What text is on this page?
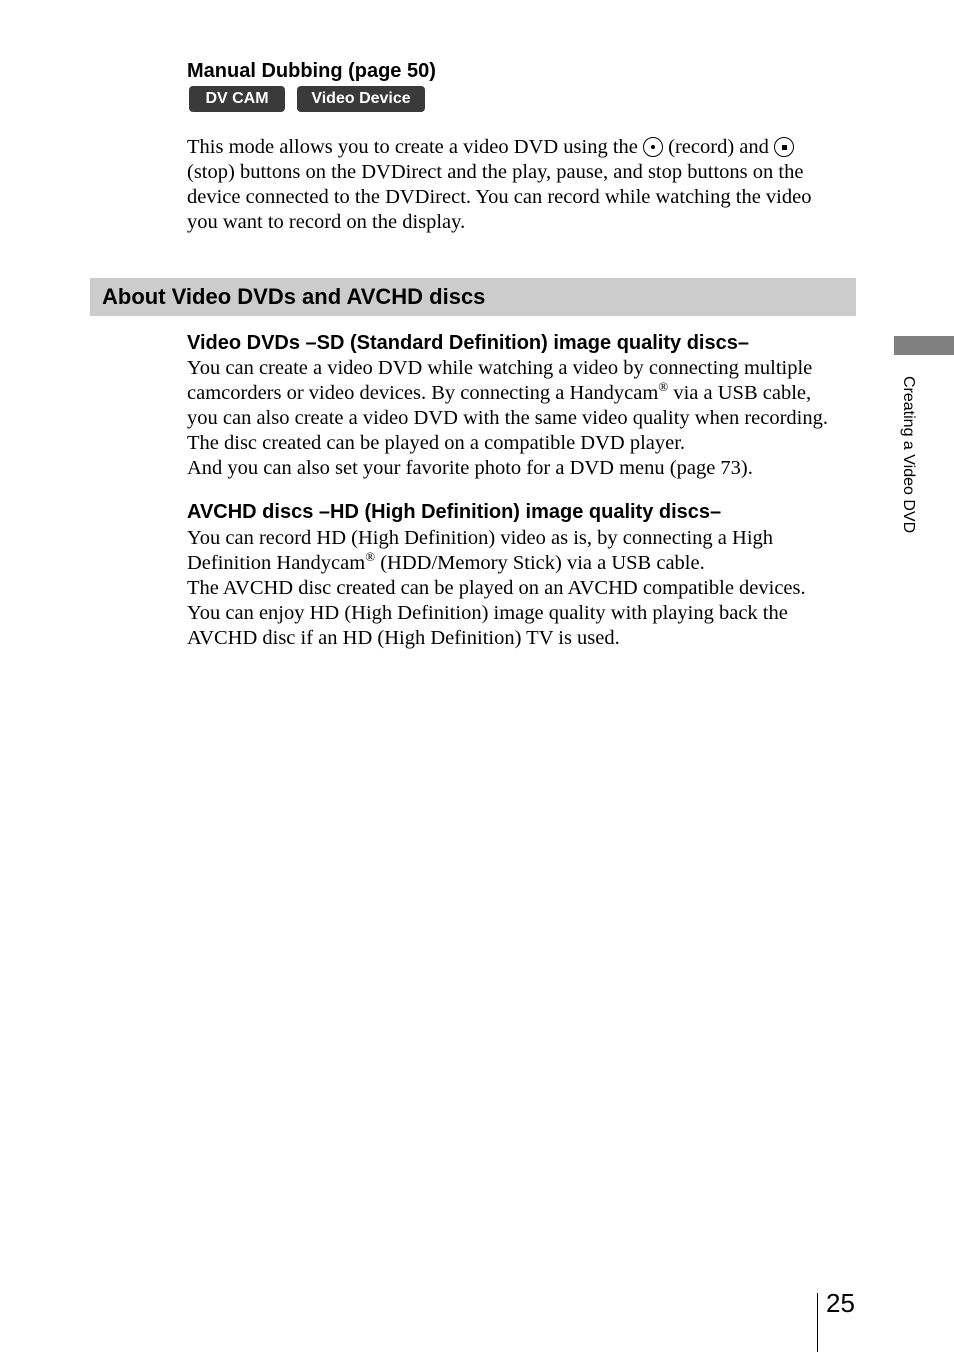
Manual Dubbing (page 50)
DV CAM	Video Device
This mode allows you to create a video DVD using the (record) and
(stop) buttons on the DVDirect and the play, pause, and stop buttons on the
device connected to the DVDirect. You can record while watching the video
you want to record on the display.
About Video DVDs and AVCHD discs
Video DVDs –SD (Standard Definition) image quality discs–
You can create a video DVD while watching a video by connecting multiple
camcorders or video devices. By connecting a Handycam® via a USB cable,
you can also create a video DVD with the same video quality when recording.
The disc created can be played on a compatible DVD player.
And you can also set your favorite photo for a DVD menu (page 73).
AVCHD discs –HD (High Definition) image quality discs–
You can record HD (High Definition) video as is, by connecting a High
Definition Handycam® (HDD/Memory Stick) via a USB cable.
The AVCHD disc created can be played on an AVCHD compatible devices.
You can enjoy HD (High Definition) image quality with playing back the
AVCHD disc if an HD (High Definition) TV is used.
Creating a Video DVD
25
